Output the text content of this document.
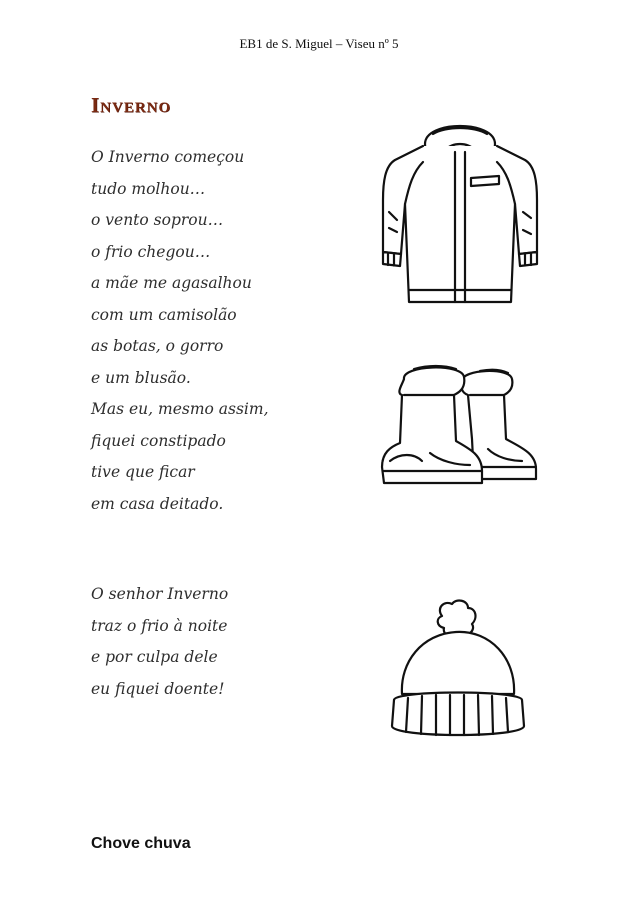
EB1 de S. Miguel – Viseu nº 5
Inverno
O Inverno começou
tudo molhou…
o vento soprou…
o frio chegou…
a mãe me agasalhou
com um camisolão
as botas, o gorro
e um blusão.
Mas eu, mesmo assim,
fiquei constipado
tive que ficar
em casa deitado.
O senhor Inverno
traz o frio à noite
e por culpa dele
eu fiquei doente!
Chove chuva
